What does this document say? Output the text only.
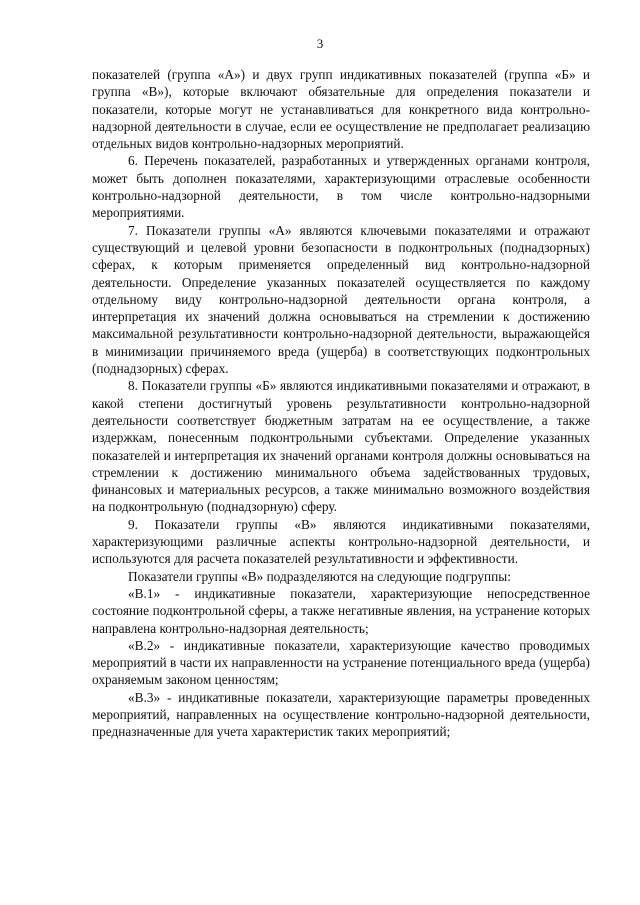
3

показателей (группа «А») и двух групп индикативных показателей (группа «Б» и группа «В»), которые включают обязательные для определения показатели и показатели, которые могут не устанавливаться для конкретного вида контрольно-надзорной деятельности в случае, если ее осуществление не предполагает реализацию отдельных видов контрольно-надзорных мероприятий.

6. Перечень показателей, разработанных и утвержденных органами контроля, может быть дополнен показателями, характеризующими отраслевые особенности контрольно-надзорной деятельности, в том числе контрольно-надзорными мероприятиями.

7. Показатели группы «А» являются ключевыми показателями и отражают существующий и целевой уровни безопасности в подконтрольных (поднадзорных) сферах, к которым применяется определенный вид контрольно-надзорной деятельности. Определение указанных показателей осуществляется по каждому отдельному виду контрольно-надзорной деятельности органа контроля, а интерпретация их значений должна основываться на стремлении к достижению максимальной результативности контрольно-надзорной деятельности, выражающейся в минимизации причиняемого вреда (ущерба) в соответствующих подконтрольных (поднадзорных) сферах.

8. Показатели группы «Б» являются индикативными показателями и отражают, в какой степени достигнутый уровень результативности контрольно-надзорной деятельности соответствует бюджетным затратам на ее осуществление, а также издержкам, понесенным подконтрольными субъектами. Определение указанных показателей и интерпретация их значений органами контроля должны основываться на стремлении к достижению минимального объема задействованных трудовых, финансовых и материальных ресурсов, а также минимально возможного воздействия на подконтрольную (поднадзорную) сферу.

9. Показатели группы «В» являются индикативными показателями, характеризующими различные аспекты контрольно-надзорной деятельности, и используются для расчета показателей результативности и эффективности.

Показатели группы «В» подразделяются на следующие подгруппы:

«В.1» - индикативные показатели, характеризующие непосредственное состояние подконтрольной сферы, а также негативные явления, на устранение которых направлена контрольно-надзорная деятельность;

«В.2» - индикативные показатели, характеризующие качество проводимых мероприятий в части их направленности на устранение потенциального вреда (ущерба) охраняемым законом ценностям;

«В.3» - индикативные показатели, характеризующие параметры проведенных мероприятий, направленных на осуществление контрольно-надзорной деятельности, предназначенные для учета характеристик таких мероприятий;
